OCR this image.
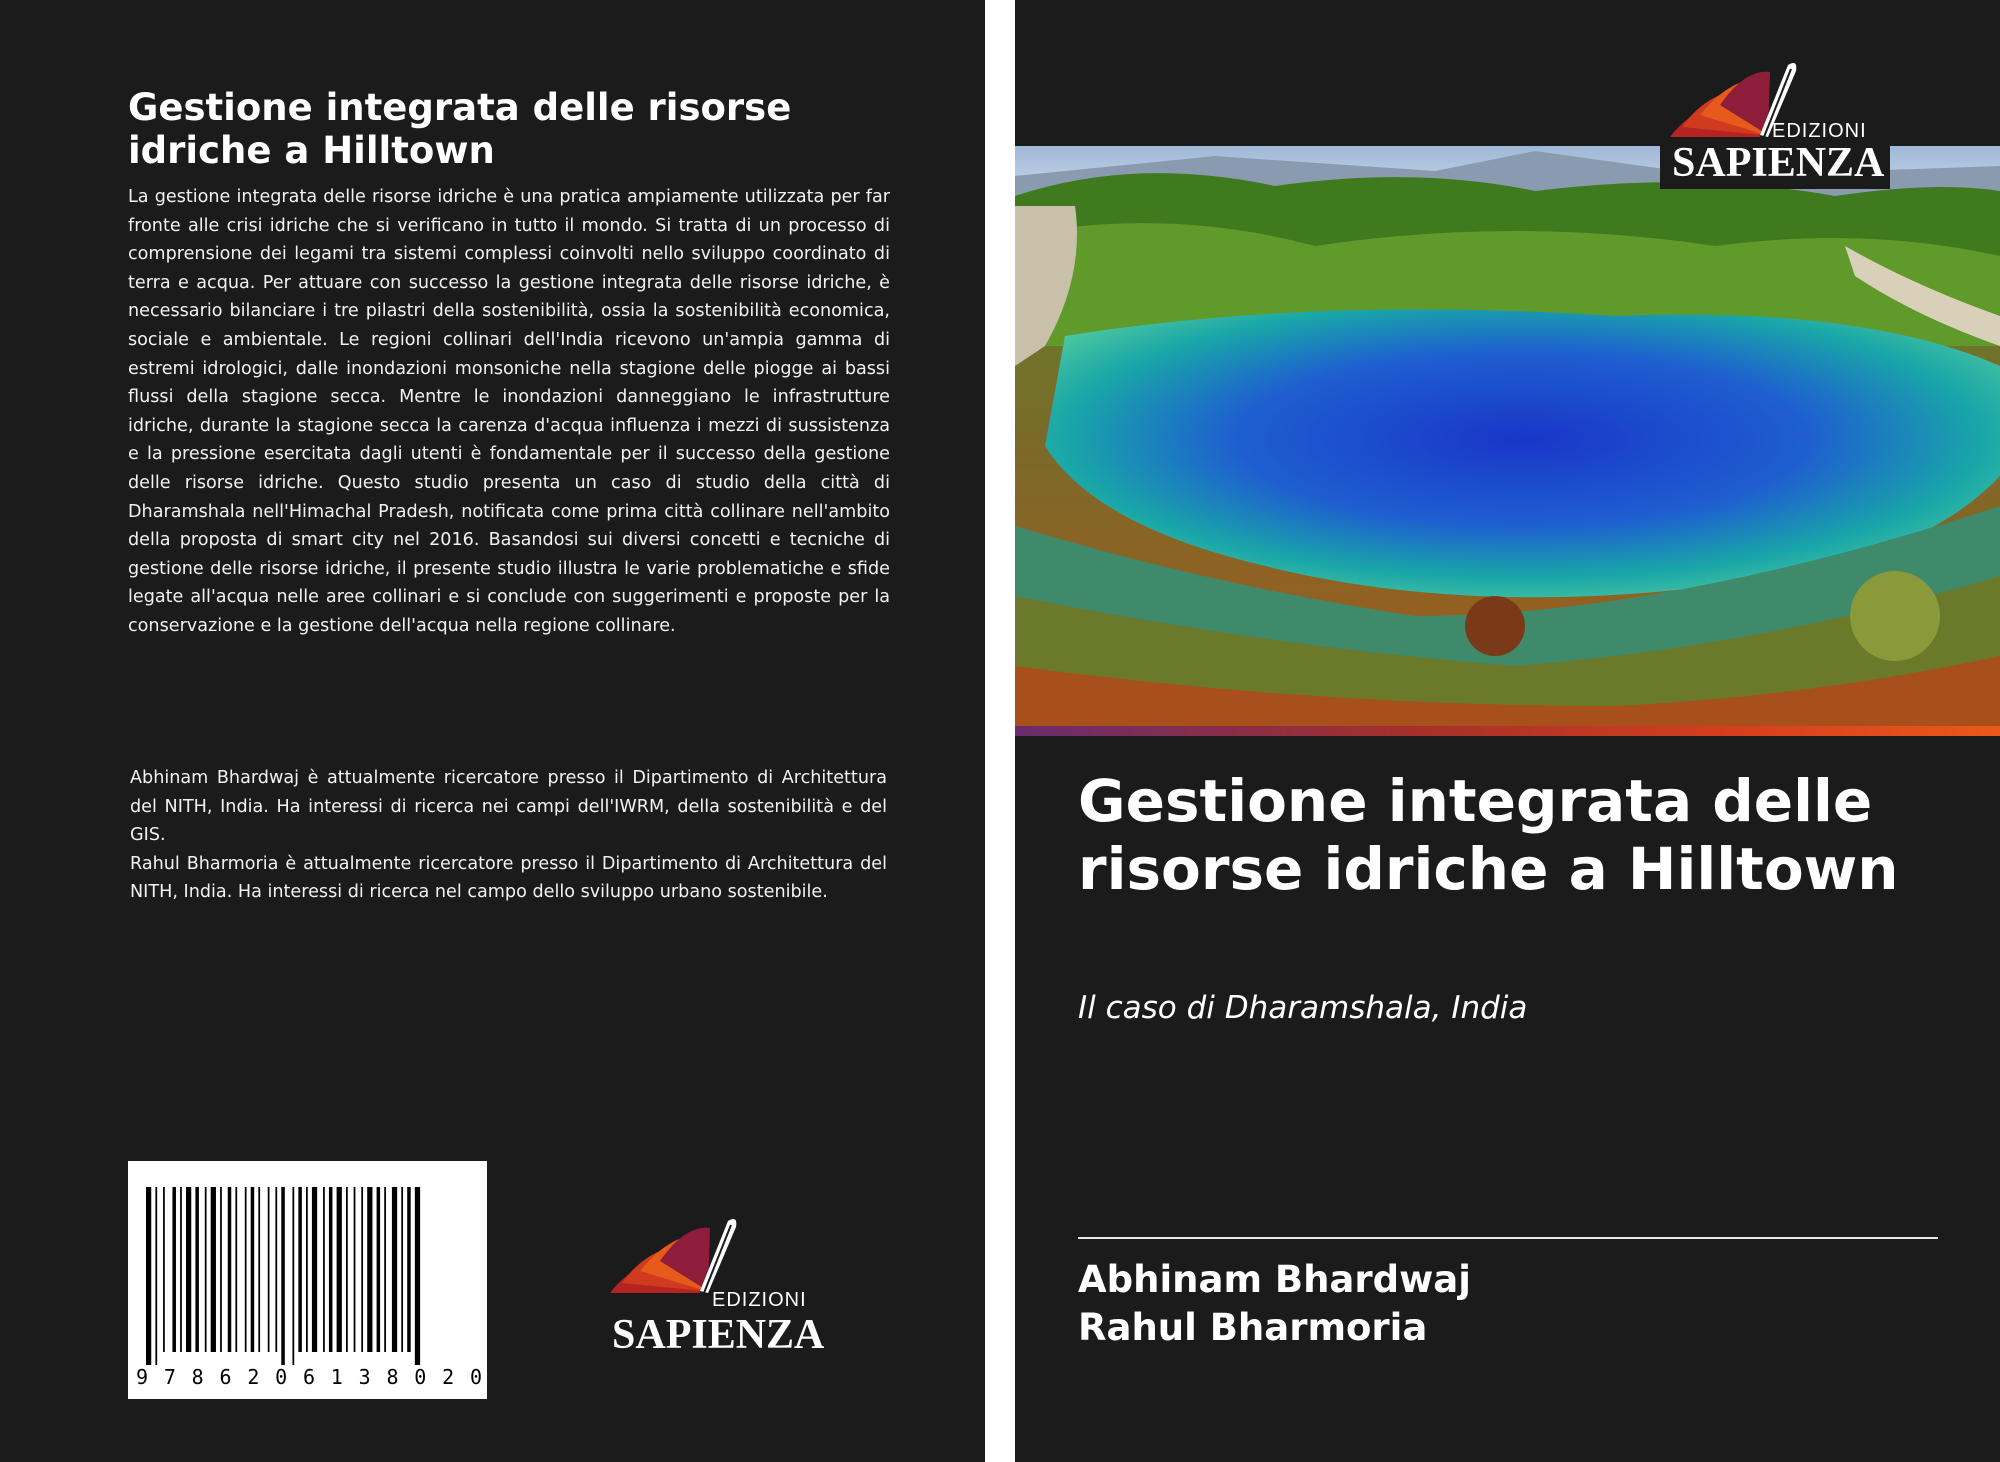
Gestione integrata delle risorse idriche a Hilltown

La gestione integrata delle risorse idriche è una pratica ampiamente utilizzata per far fronte alle crisi idriche che si verificano in tutto il mondo. Si tratta di un processo di comprensione dei legami tra sistemi complessi coinvolti nello sviluppo coordinato di terra e acqua. Per attuare con successo la gestione integrata delle risorse idriche, è necessario bilanciare i tre pilastri della sostenibilità, ossia la sostenibilità economica, sociale e ambientale. Le regioni collinari dell'India ricevono un'ampia gamma di estremi idrologici, dalle inondazioni monsoniche nella stagione delle piogge ai bassi flussi della stagione secca. Mentre le inondazioni danneggiano le infrastrutture idriche, durante la stagione secca la carenza d'acqua influenza i mezzi di sussistenza e la pressione esercitata dagli utenti è fondamentale per il successo della gestione delle risorse idriche. Questo studio presenta un caso di studio della città di Dharamshala nell'Himachal Pradesh, notificata come prima città collinare nell'ambito della proposta di smart city nel 2016. Basandosi sui diversi concetti e tecniche di gestione delle risorse idriche, il presente studio illustra le varie problematiche e sfide legate all'acqua nelle aree collinari e si conclude con suggerimenti e proposte per la conservazione e la gestione dell'acqua nella regione collinare.

Abhinam Bhardwaj è attualmente ricercatore presso il Dipartimento di Architettura del NITH, India. Ha interessi di ricerca nei campi dell'IWRM, della sostenibilità e del GIS.

Rahul Bharmoria è attualmente ricercatore presso il Dipartimento di Architettura del NITH, India. Ha interessi di ricerca nel campo dello sviluppo urbano sostenibile.

9 7 8 6 2 0 6 1 3 8 0 2 0
EDIZIONI
SAPIENZA
EDIZIONI
SAPIENZA
Gestione integrata delle risorse idriche a Hilltown
Il caso di Dharamshala, India
Abhinam Bhardwaj
Rahul Bharmoria
